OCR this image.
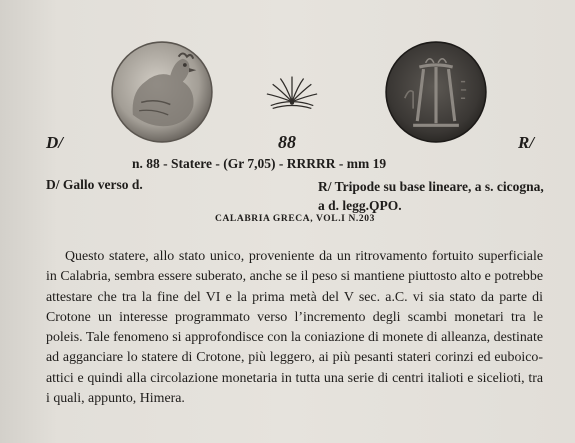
D/	88	R/
n. 88 - Statere - (Gr 7,05) - RRRRR - mm 19
D/ Gallo verso d.	R/ Tripode su base lineare, a s. cicogna, a d. legg.ϘΡΟ.
CALABRIA GRECA, VOL.I N.203

Questo statere, allo stato unico, proveniente da un ritrovamento fortuito superficiale in Calabria, sembra essere suberato, anche se il peso si mantiene piuttosto alto e potrebbe attestare che tra la fine del VI e la prima metà del V sec. a.C. vi sia stato da parte di Crotone un interesse programmato verso l’incremento degli scambi monetari tra le poleis. Tale fenomeno si approfondisce con la coniazione di monete di alleanza, destinate ad agganciare lo statere di Crotone, più leggero, ai più pesanti stateri corinzi ed euboico-attici e quindi alla circolazione monetaria in tutta una serie di centri italioti e sicelioti, tra i quali, appunto, Himera.
